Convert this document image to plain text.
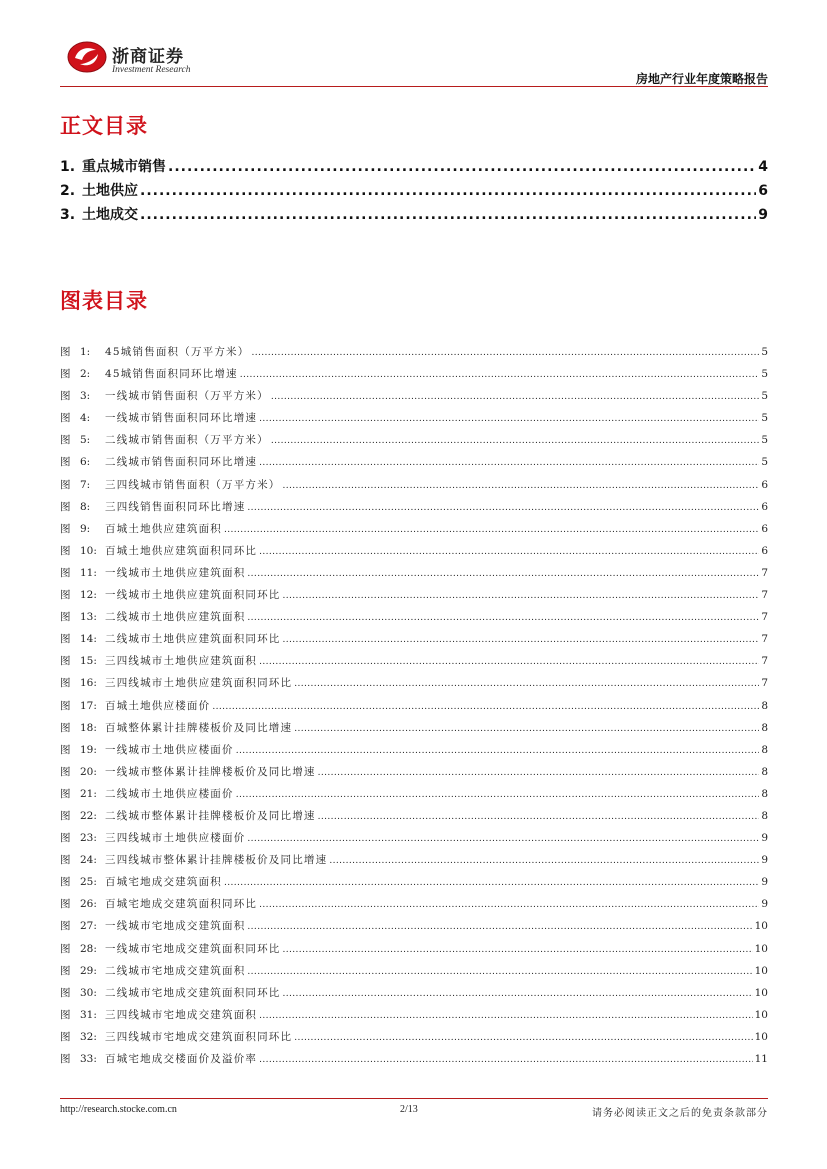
浙商证券
Investment Research
房地产行业年度策略报告
正文目录
1. 重点城市销售 .....	4
2. 土地供应 .....	6
3. 土地成交 .....	9
图表目录
图 1:	45城销售面积（万平方米） .....	5
图 2:	45城销售面积同环比增速 .....	5
图 3:	一线城市销售面积（万平方米） .....	5
图 4:	一线城市销售面积同环比增速 .....	5
图 5:	二线城市销售面积（万平方米） .....	5
图 6:	二线城市销售面积同环比增速 .....	5
图 7:	三四线城市销售面积（万平方米） .....	6
图 8:	三四线销售面积同环比增速 .....	6
图 9:	百城土地供应建筑面积 .....	6
图 10: 百城土地供应建筑面积同环比 .....	6
图 11: 一线城市土地供应建筑面积 .....	7
图 12: 一线城市土地供应建筑面积同环比 .....	7
图 13: 二线城市土地供应建筑面积 .....	7
图 14: 二线城市土地供应建筑面积同环比 .....	7
图 15: 三四线城市土地供应建筑面积 .....	7
图 16: 三四线城市土地供应建筑面积同环比 .....	7
图 17: 百城土地供应楼面价 .....	8
图 18: 百城整体累计挂牌楼板价及同比增速 .....	8
图 19: 一线城市土地供应楼面价 .....	8
图 20: 一线城市整体累计挂牌楼板价及同比增速 .....	8
图 21: 二线城市土地供应楼面价 .....	8
图 22: 二线城市整体累计挂牌楼板价及同比增速 .....	8
图 23: 三四线城市土地供应楼面价 .....	9
图 24: 三四线城市整体累计挂牌楼板价及同比增速 .....	9
图 25: 百城宅地成交建筑面积 .....	9
图 26: 百城宅地成交建筑面积同环比 .....	9
图 27: 一线城市宅地成交建筑面积 .....	10
图 28: 一线城市宅地成交建筑面积同环比 .....	10
图 29: 二线城市宅地成交建筑面积 .....	10
图 30: 二线城市宅地成交建筑面积同环比 .....	10
图 31: 三四线城市宅地成交建筑面积 .....	10
图 32: 三四线城市宅地成交建筑面积同环比 .....	10
图 33: 百城宅地成交楼面价及溢价率 .....	11
http://research.stocke.com.cn	2/13	请务必阅读正文之后的免责条款部分
